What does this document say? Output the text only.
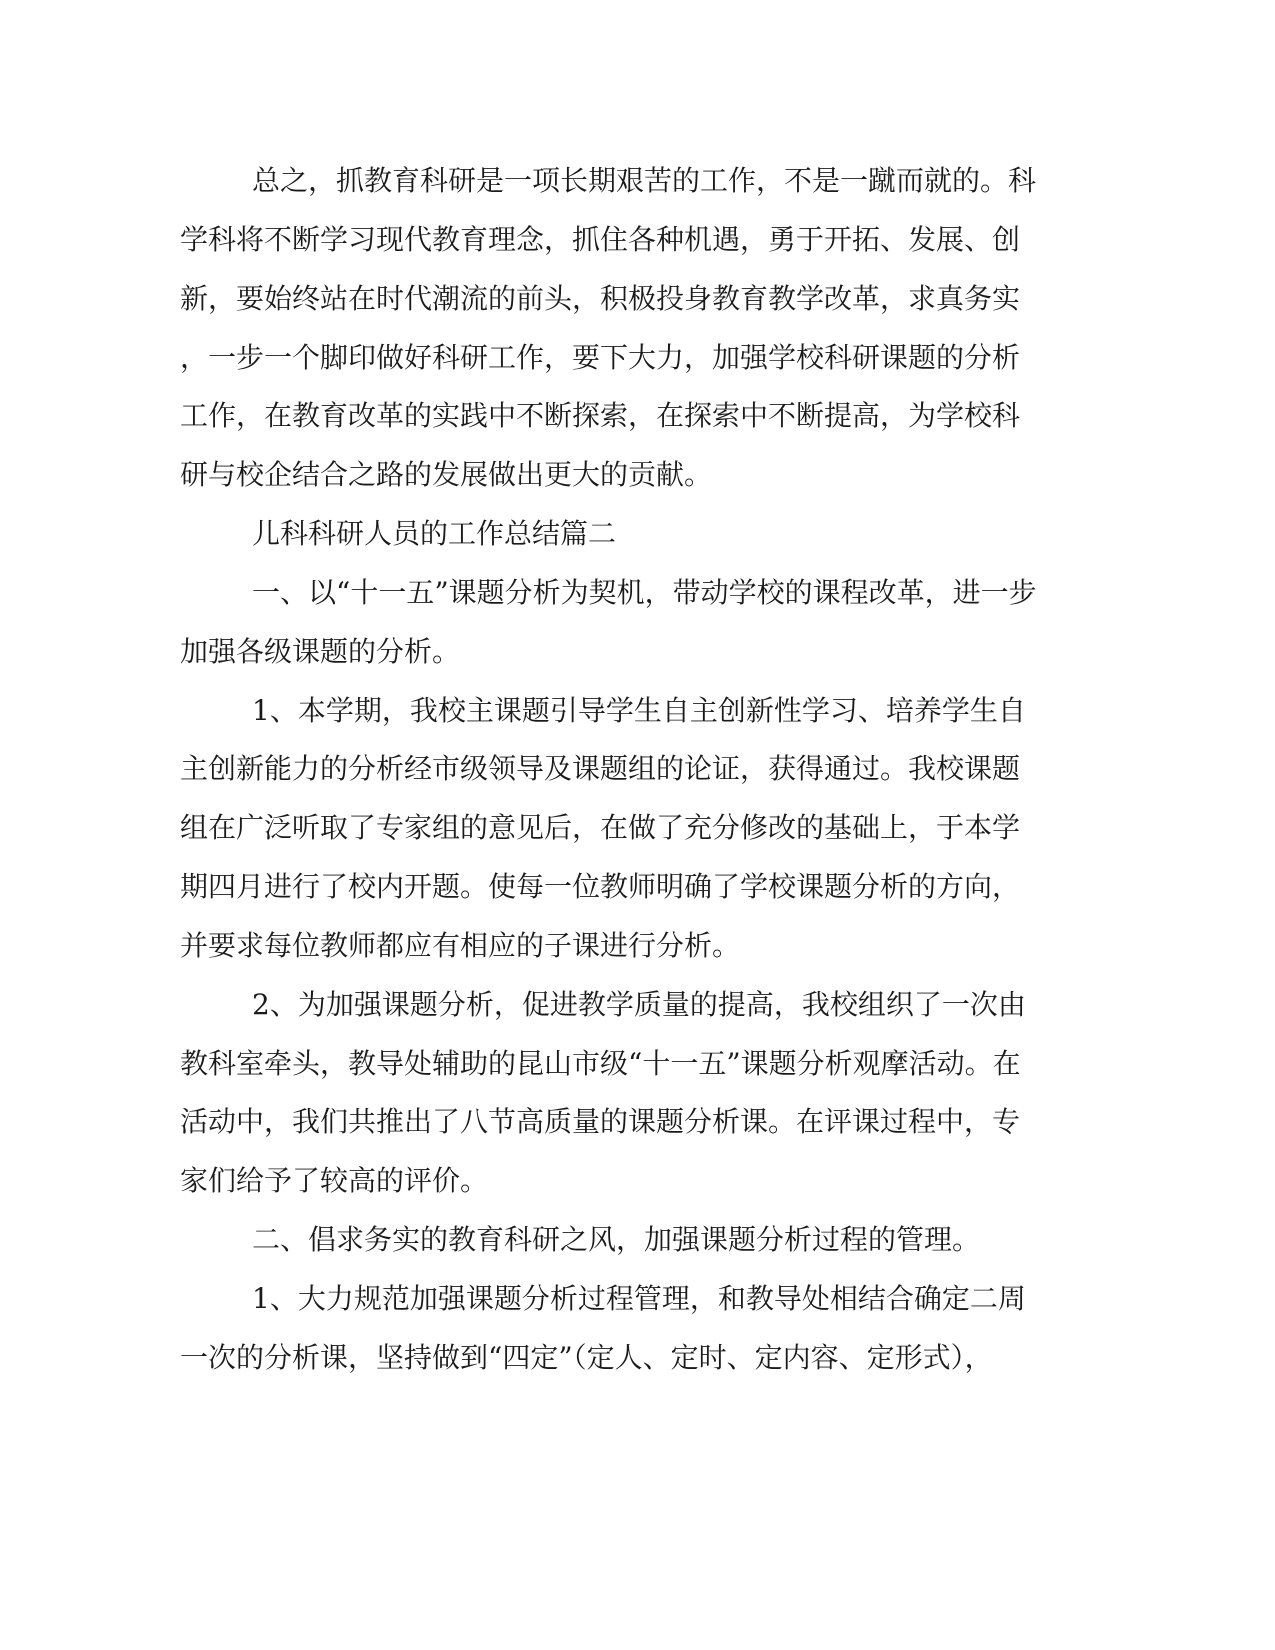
总之，抓教育科研是一项长期艰苦的工作，不是一蹴而就的。科

学科将不断学习现代教育理念，抓住各种机遇，勇于开拓、发展、创

新，要始终站在时代潮流的前头，积极投身教育教学改革，求真务实

，一步一个脚印做好科研工作，要下大力，加强学校科研课题的分析

工作，在教育改革的实践中不断探索，在探索中不断提高，为学校科

研与校企结合之路的发展做出更大的贡献。

儿科科研人员的工作总结篇二

一、以“十一五”课题分析为契机，带动学校的课程改革，进一步

加强各级课题的分析。

1、本学期，我校主课题引导学生自主创新性学习、培养学生自

主创新能力的分析经市级领导及课题组的论证，获得通过。我校课题

组在广泛听取了专家组的意见后，在做了充分修改的基础上，于本学

期四月进行了校内开题。使每一位教师明确了学校课题分析的方向，

并要求每位教师都应有相应的子课进行分析。

2、为加强课题分析，促进教学质量的提高，我校组织了一次由

教科室牵头，教导处辅助的昆山市级“十一五”课题分析观摩活动。在

活动中，我们共推出了八节高质量的课题分析课。在评课过程中，专

家们给予了较高的评价。

二、倡求务实的教育科研之风，加强课题分析过程的管理。

1、大力规范加强课题分析过程管理，和教导处相结合确定二周

一次的分析课，坚持做到“四定”（定人、定时、定内容、定形式），
